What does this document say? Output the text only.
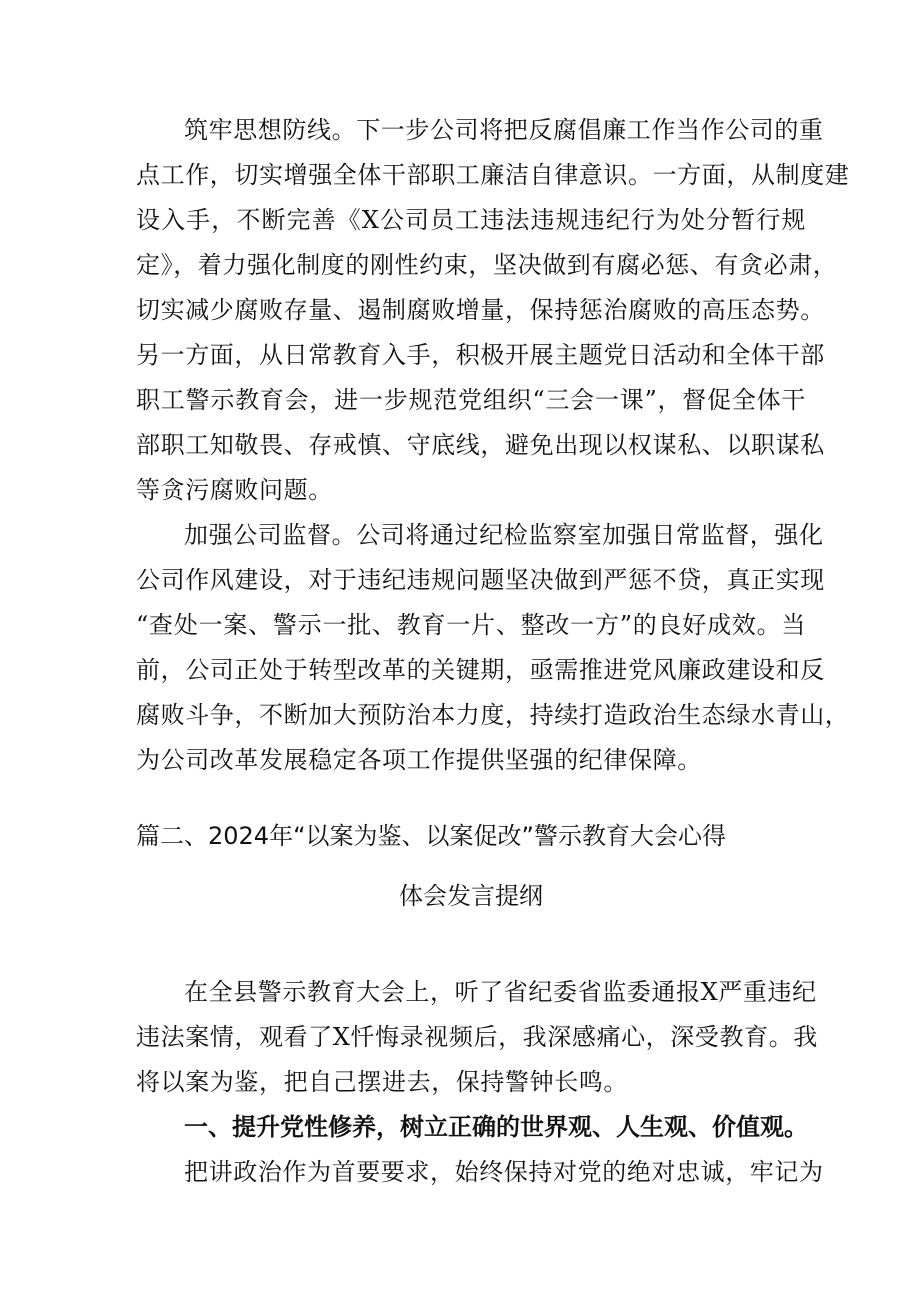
筑牢思想防线。下一步公司将把反腐倡廉工作当作公司的重
点工作，切实增强全体干部职工廉洁自律意识。一方面，从制度建
设入手，不断完善《X公司员工违法违规违纪行为处分暂行规
定》，着力强化制度的刚性约束，坚决做到有腐必惩、有贪必肃，
切实减少腐败存量、遏制腐败增量，保持惩治腐败的高压态势。
另一方面，从日常教育入手，积极开展主题党日活动和全体干部
职工警示教育会，进一步规范党组织“三会一课”，督促全体干
部职工知敬畏、存戒慎、守底线，避免出现以权谋私、以职谋私
等贪污腐败问题。
加强公司监督。公司将通过纪检监察室加强日常监督，强化
公司作风建设，对于违纪违规问题坚决做到严惩不贷，真正实现
“查处一案、警示一批、教育一片、整改一方”的良好成效。当
前，公司正处于转型改革的关键期，亟需推进党风廉政建设和反
腐败斗争，不断加大预防治本力度，持续打造政治生态绿水青山，
为公司改革发展稳定各项工作提供坚强的纪律保障。
篇二、2024年“以案为鉴、以案促改”警示教育大会心得
体会发言提纲
在全县警示教育大会上，听了省纪委省监委通报X严重违纪
违法案情，观看了X忏悔录视频后，我深感痛心，深受教育。我
将以案为鉴，把自己摆进去，保持警钟长鸣。
一、提升党性修养，树立正确的世界观、人生观、价值观。
把讲政治作为首要要求，始终保持对党的绝对忠诚，牢记为
